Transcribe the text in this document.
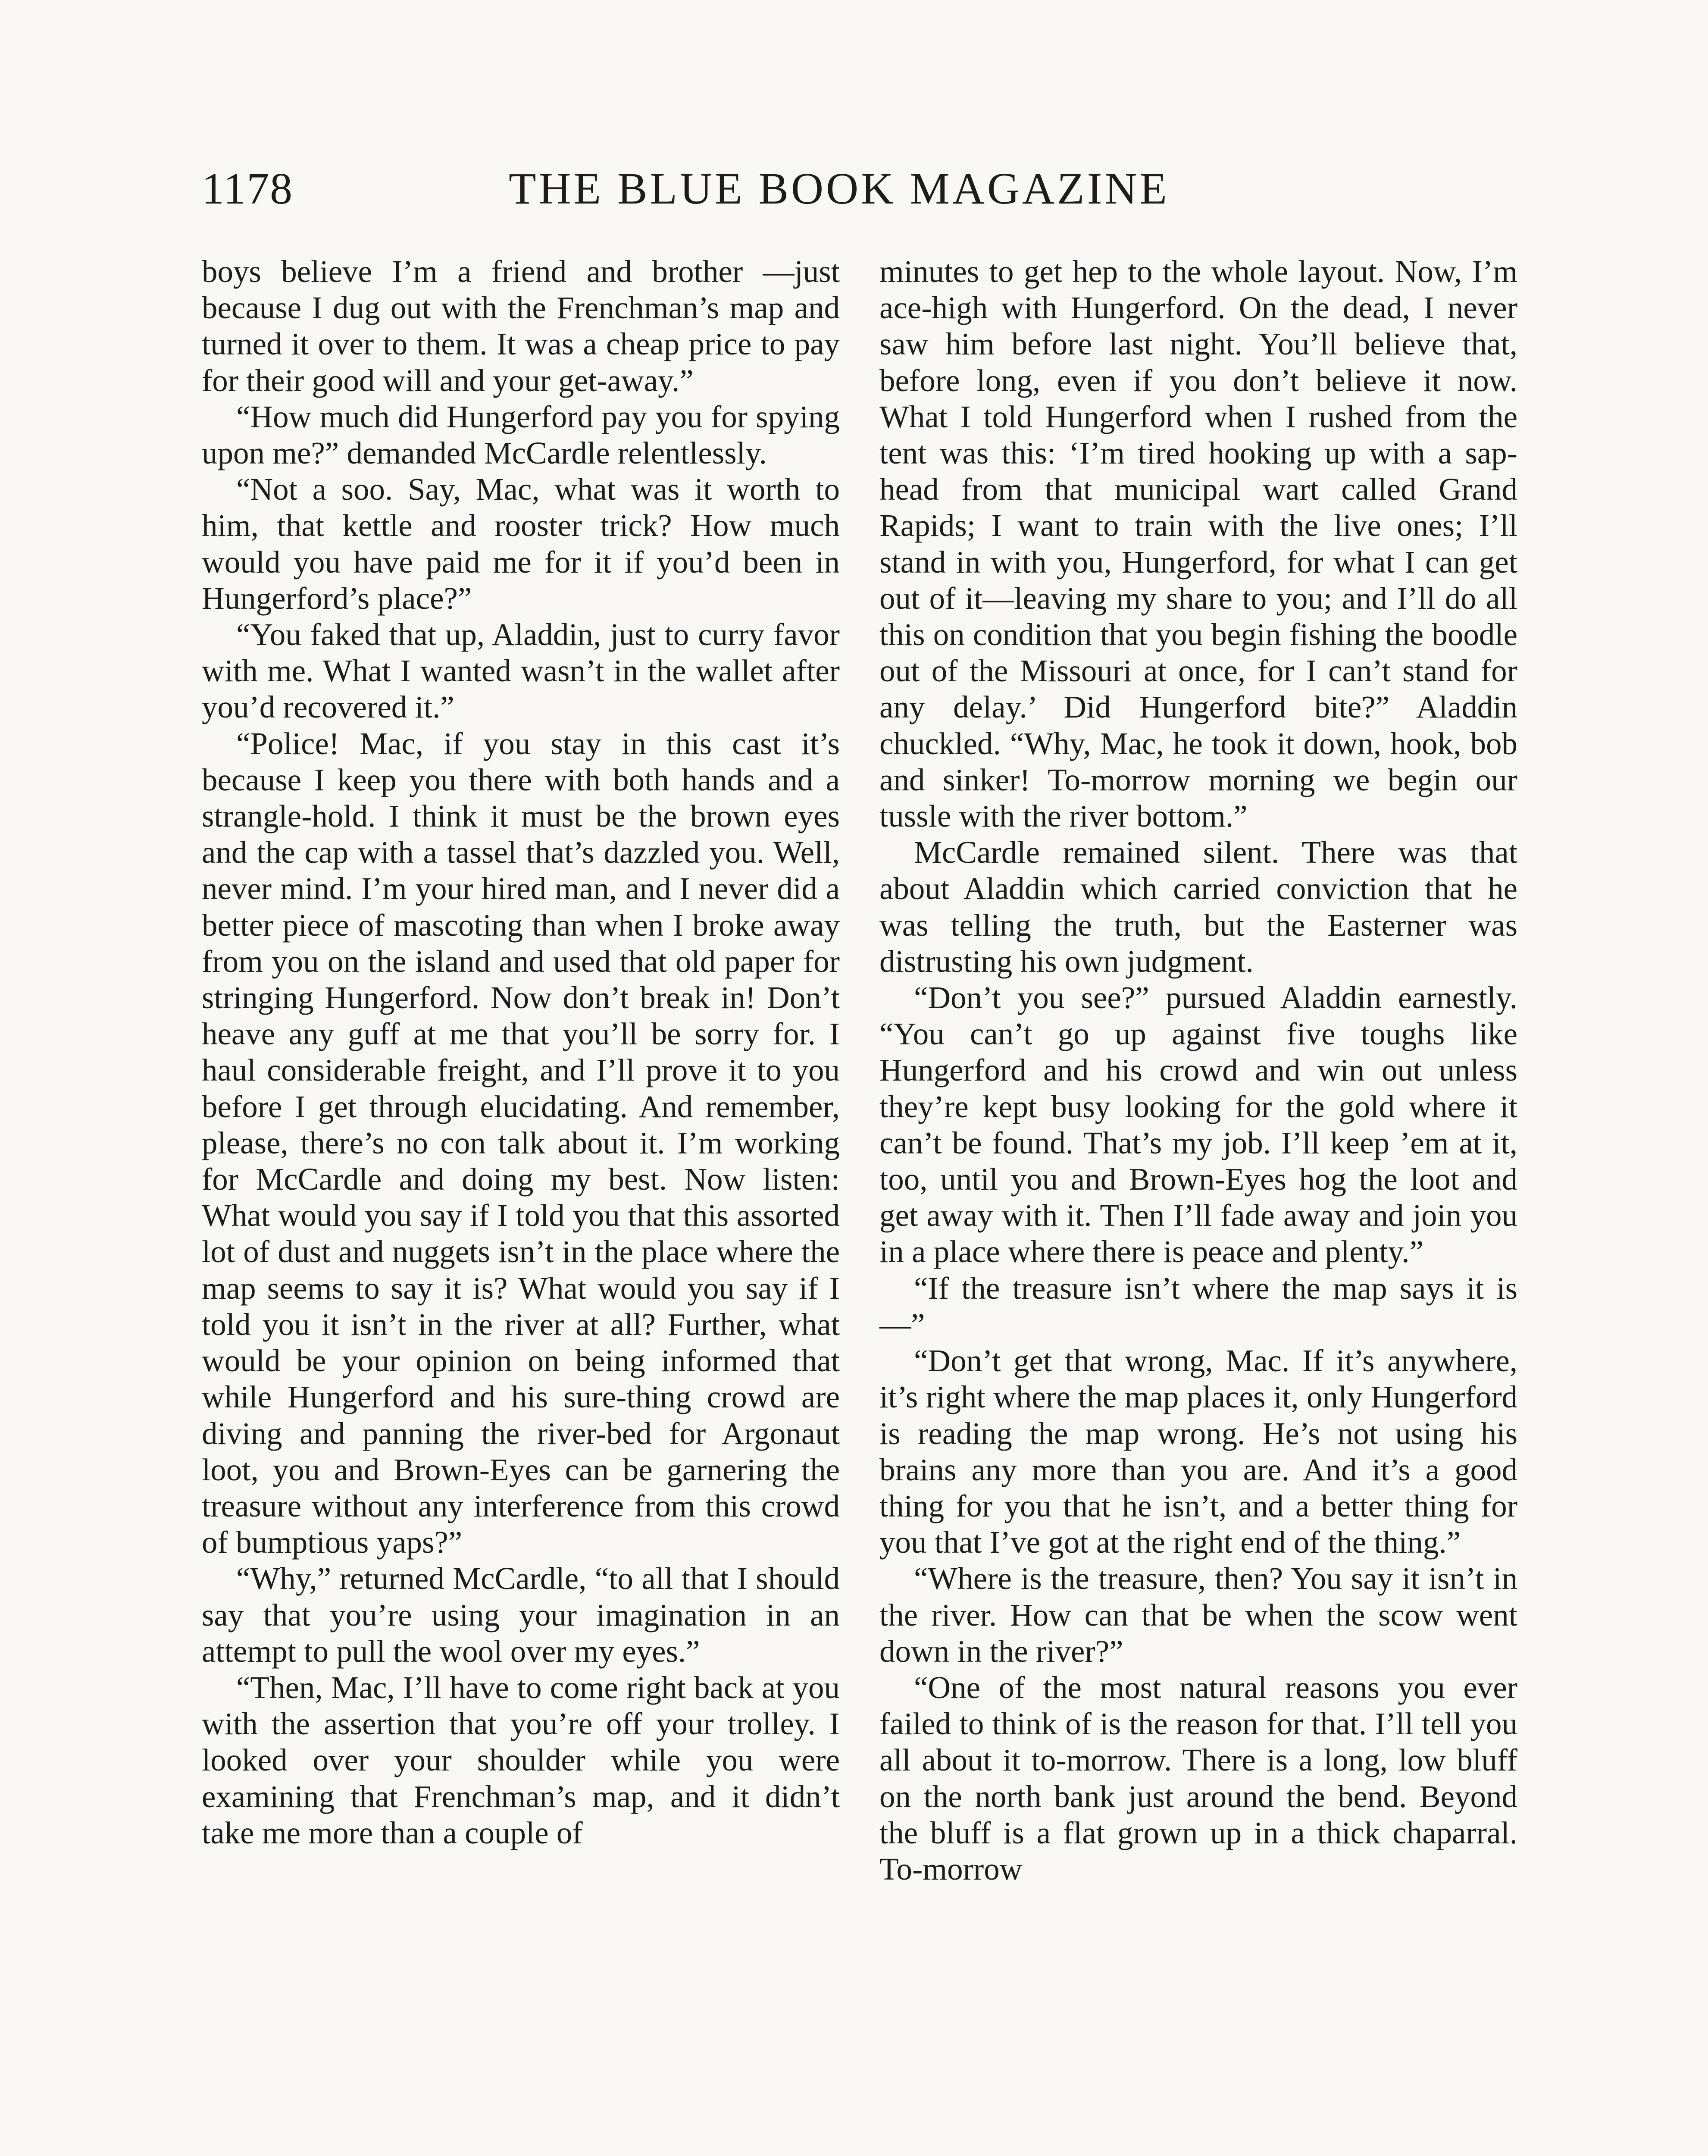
1178	THE BLUE BOOK MAGAZINE

boys believe I’m a friend and brother —just because I dug out with the Frenchman’s map and turned it over to them. It was a cheap price to pay for their good will and your get-away.”

“How much did Hungerford pay you for spying upon me?” demanded McCardle relentlessly.

“Not a soo. Say, Mac, what was it worth to him, that kettle and rooster trick? How much would you have paid me for it if you’d been in Hungerford’s place?”

“You faked that up, Aladdin, just to curry favor with me. What I wanted wasn’t in the wallet after you’d recovered it.”

“Police! Mac, if you stay in this cast it’s because I keep you there with both hands and a strangle-hold. I think it must be the brown eyes and the cap with a tassel that’s dazzled you. Well, never mind. I’m your hired man, and I never did a better piece of mascoting than when I broke away from you on the island and used that old paper for stringing Hungerford. Now don’t break in! Don’t heave any guff at me that you’ll be sorry for. I haul considerable freight, and I’ll prove it to you before I get through elucidating. And remember, please, there’s no con talk about it. I’m working for McCardle and doing my best. Now listen: What would you say if I told you that this assorted lot of dust and nuggets isn’t in the place where the map seems to say it is? What would you say if I told you it isn’t in the river at all? Further, what would be your opinion on being informed that while Hungerford and his sure-thing crowd are diving and panning the river-bed for Argonaut loot, you and Brown-Eyes can be garnering the treasure without any interference from this crowd of bumptious yaps?”

“Why,” returned McCardle, “to all that I should say that you’re using your imagination in an attempt to pull the wool over my eyes.”

“Then, Mac, I’ll have to come right back at you with the assertion that you’re off your trolley. I looked over your shoulder while you were examining that Frenchman’s map, and it didn’t take me more than a couple of

minutes to get hep to the whole layout. Now, I’m ace-high with Hungerford. On the dead, I never saw him before last night. You’ll believe that, before long, even if you don’t believe it now. What I told Hungerford when I rushed from the tent was this: ‘I’m tired hooking up with a sap-head from that municipal wart called Grand Rapids; I want to train with the live ones; I’ll stand in with you, Hungerford, for what I can get out of it—leaving my share to you; and I’ll do all this on condition that you begin fishing the boodle out of the Missouri at once, for I can’t stand for any delay.’ Did Hungerford bite?” Aladdin chuckled. “Why, Mac, he took it down, hook, bob and sinker! To-morrow morning we begin our tussle with the river bottom.”

McCardle remained silent. There was that about Aladdin which carried conviction that he was telling the truth, but the Easterner was distrusting his own judgment.

“Don’t you see?” pursued Aladdin earnestly. “You can’t go up against five toughs like Hungerford and his crowd and win out unless they’re kept busy looking for the gold where it can’t be found. That’s my job. I’ll keep ’em at it, too, until you and Brown-Eyes hog the loot and get away with it. Then I’ll fade away and join you in a place where there is peace and plenty.”

“If the treasure isn’t where the map says it is—”

“Don’t get that wrong, Mac. If it’s anywhere, it’s right where the map places it, only Hungerford is reading the map wrong. He’s not using his brains any more than you are. And it’s a good thing for you that he isn’t, and a better thing for you that I’ve got at the right end of the thing.”

“Where is the treasure, then? You say it isn’t in the river. How can that be when the scow went down in the river?”

“One of the most natural reasons you ever failed to think of is the reason for that. I’ll tell you all about it to-morrow. There is a long, low bluff on the north bank just around the bend. Beyond the bluff is a flat grown up in a thick chaparral. To-morrow
